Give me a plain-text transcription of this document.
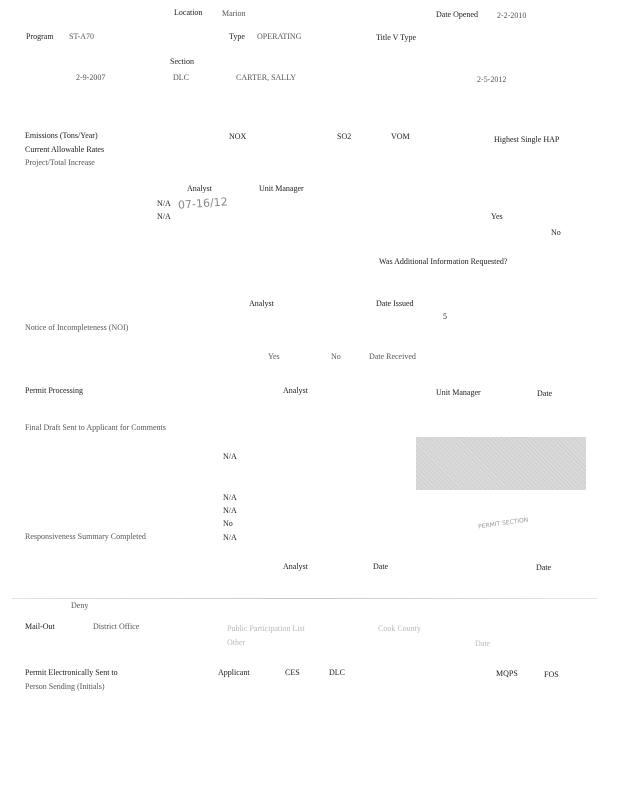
Location Marion	Date Opened 2-2-2010
Program ST-A70	Type OPERATING	Title V Type
Section
2-9-2007	DLC	CARTER, SALLY	2-5-2012
Emissions (Tons/Year)	NOX	SO2	VOM	Highest Single HAP
Current Allowable Rates
Project/Total Increase
Analyst	Unit Manager
N/A 07-16/12
N/A	Yes
No
Was Additional Information Requested?
Analyst	Date Issued
5
Notice of Incompleteness (NOI)
Yes	No	Date Received
Permit Processing	Analyst	Unit Manager	Date
Final Draft Sent to Applicant for Comments
N/A
N/A
N/A
No	PERMIT SECTION
Responsiveness Summary Completed	N/A
Analyst	Date	Date
Deny
Mail-Out	District Office	Public Participation List	Cook County
Other	Date
Permit Electronically Sent to	Applicant	CES	DLC	MQPS	FOS
Person Sending (Initials)
